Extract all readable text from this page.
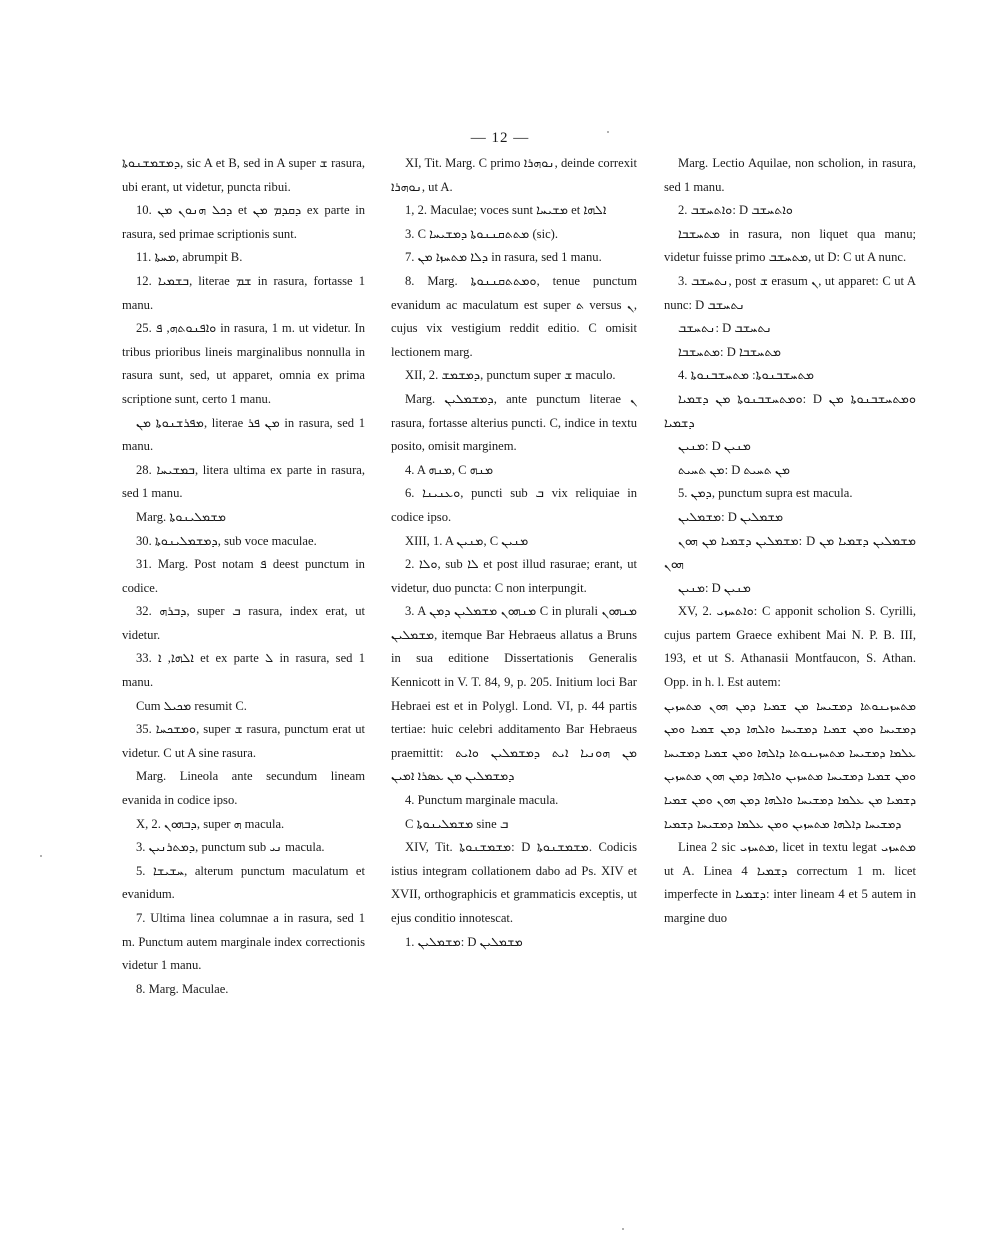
— 12 —

ܕܡܫܡܫܢܘܬܐ, sic A et B, sed in A super ܫ rasura, ubi erant, ut videtur, puncta ribui.

10. ܕܟܠ ܗܢܘܢ ܡܢ et ܕܩܕܡ ܡܢ ex parte in rasura, sed primae scriptionis sunt.

11. ܡܚܬܐ, abrumpit B.

12. ܒܫܡܝܐ, literae ܫܡ in rasura, fortasse 1 manu.

25. ܘܐܦܢܘܬܗ, ܦ in rasura, 1 m. ut videtur. In tribus prioribus lineis marginalibus nonnulla in rasura sunt, sed, ut apparet, omnia ex prima scriptione sunt, certo 1 manu.

ܡܦܪܫܢܘܬܐ ܡܢ, literae ܡܢ ܦܪ in rasura, sed 1 manu.

28. ܒܡܫܝܚܐ, litera ultima ex parte in rasura, sed 1 manu.

Marg. ܡܫܡܠܝܢܘܬܐ

30. ܕܡܫܡܠܝܢܘܬܐ, sub voce maculae.

31. Marg. Post notam ܦ deest punctum in codice.

32. ܕܒܪܗ, super ܒ rasura, index erat, ut videtur.

33. ܐܠܗܐ, ܐ et ex parte ܠ in rasura, sed 1 manu.

Cum ܡܟܝܠ resumit C.

35. ܘܡܫܟܚܐ, super ܫ rasura, punctum erat ut videtur. C ut A sine rasura.

Marg. Lineola ante secundum lineam evanida in codice ipso.

X, 2. ܕܒܗܘܢ, super ܗ macula.

3. ܕܡܬܪܢܝܢ, punctum sub ܢܝ macula.

5. ܚܫܝܫܐ, alterum punctum maculatum et evanidum.

7. Ultima linea columnae a in rasura, sed 1 m. Punctum autem marginale index correctionis videtur 1 manu.

8. Marg. Maculae.

XI, Tit. Marg. C primo ܢܘܗܪܐ, deinde correxit ܢܘܗܪܐ, ut A.

1, 2. Maculae; voces sunt ܡܫܝܚܐ et ܐܠܗܐ

3. C ܡܬܬܩܢܢܘܬܐ ܕܡܫܝܚܐ (sic).

7. ܕܠܐ ܡܬܚܙܐ ܡܢ in rasura, sed 1 manu.

8. Marg. ܘܡܬܬܩܢܢܘܬܐ, tenue punctum evanidum ac maculatum est super ܬ versus ܢ, cujus vix vestigium reddit editio. C omisit lectionem marg.

XII, 2. ܕܡܫܡܫ, punctum super ܫ maculo.

Marg. ܕܡܫܡܠܝܢ, ante punctum literae ܢ rasura, fortasse alterius puncti. C, indice in textu posito, omisit marginem.

4. A ܡܢܗ, C ܡܢܗ

6. ܘܥܢܝܢܐ, puncti sub ܒ vix reliquiae in codice ipso.

XIII, 1. A ܡܢܝܢ, C ܡܢܝܢ

2. ܘܠܐ, sub ܠܐ et post illud rasurae; erant, ut videtur, duo puncta: C non interpungit.

3. A ܡܢܗܘܢ ܡܫܡܠܝܢ ܕܡܢ C in plurali ܡܢܗܘܢ ܡܫܡܠܝܢ, itemque Bar Hebraeus allatus a Bruns in sua editione Dissertationis Generalis Kennicott in V. T. 84, 9, p. 205. Initium loci Bar Hebraei est et in Polygl. Lond. VI, p. 44 partis tertiae: huic celebri additamento Bar Hebraeus praemittit: ܡܢ ܗܘܢܝܐ ܐܝܬ ܕܡܫܡܠܝܢ ܘܐܝܬ ܕܡܫܡܠܝܢ ܡܢ ܥܣܪܐ ܐܡܝܢ

4. Punctum marginale macula.

C ܡܫܡܠܝܢܘܬܐ sine ܒ

XIV, Tit. ܡܫܡܫܢܘܬܐ: D ܡܫܡܫܢܘܬܐ. Codicis istius integram collationem dabo ad Ps. XIV et XVII, orthographicis et grammaticis exceptis, ut ejus conditio innotescat.

1. ܡܫܡܠܝܢ: D ܡܫܡܠܝܢ

Marg. Lectio Aquilae, non scholion, in rasura, sed 1 manu.

2. ܘܐܬܚܫܒ: D ܘܐܬܚܫܒ

ܡܬܚܫܒܐ in rasura, non liquet qua manu; videtur fuisse primo ܡܬܚܫܒ, ut D: C ut A nunc.

3. ܢܬܚܫܒ, post ܫ erasum ܢ, ut apparet: C ut A nunc: D ܢܬܚܫܒ

ܢܬܚܫܒ: D ܢܬܚܫܒ

ܡܬܚܫܒܐ: D ܡܬܚܫܒܐ

4. ܡܬܚܫܒܢܘܬܐ: ܡܬܚܫܒܢܘܬܐ

ܘܡܬܚܫܒܢܘܬܐ ܡܢ ܕܫܡܝܐ: D ܘܡܬܚܫܒܢܘܬܐ ܡܢ ܕܫܡܝܐ

ܡܢܝܢ: D ܡܢܝܢ

ܡܢ ܬܚܝܬ: D ܡܢ ܬܚܝܬ

5. ܕܡܢ, punctum supra est macula.

ܡܫܡܠܝܢ: D ܡܫܡܠܝܢ

ܡܫܡܠܝܢ ܕܫܡܝܐ ܡܢ ܗܘܢ: D ܡܫܡܠܝܢ ܕܫܡܝܐ ܡܢ ܗܘܢ

ܡܢܝܢ: D ܡܢܝܢ

XV, 2. ܘܐܬܚܙܝ: C apponit scholion S. Cyrilli, cujus partem Graece exhibent Mai N. P. B. III, 193, et ut S. Athanasii Montfaucon, S. Athan. Opp. in h. l. Est autem:

ܡܬܚܙܝܢܘܬܐ ܕܡܫܝܚܐ ܡܢ ܫܡܝܐ ܕܡܢ ܗܘܢ ܡܬܚܙܝܢ ܕܡܫܝܚܐ ܘܡܢ ܫܡܝܐ ܕܡܫܝܚܐ ܘܐܠܗܐ ܕܡܢ ܫܡܝܐ ܘܡܢ ܥܠܡܐ ܕܡܫܝܚܐ ܡܬܚܙܝܢܘܬܐ ܕܐܠܗܐ ܘܡܢ ܫܡܝܐ ܕܡܫܝܚܐ ܘܡܢ ܫܡܝܐ ܕܡܫܝܚܐ ܡܬܚܙܝܢ ܘܐܠܗܐ ܕܡܢ ܗܘܢ ܡܬܚܙܝܢ ܕܫܡܝܐ ܡܢ ܥܠܡܐ ܕܡܫܝܚܐ ܘܐܠܗܐ ܕܡܢ ܗܘܢ ܘܡܢ ܫܡܝܐ ܕܡܫܝܚܐ ܕܐܠܗܐ ܡܬܚܙܝܢ ܘܡܢ ܥܠܡܐ ܕܡܫܝܚܐ ܕܫܡܝܐ

Linea 2 sic ܡܬܚܙܝ, licet in textu legat ܡܬܚܙܝ ut A. Linea 4 ܕܫܡܝܐ correctum 1 m. licet imperfecte in ܕܫܡܝܐ: inter lineam 4 et 5 autem in margine duo
